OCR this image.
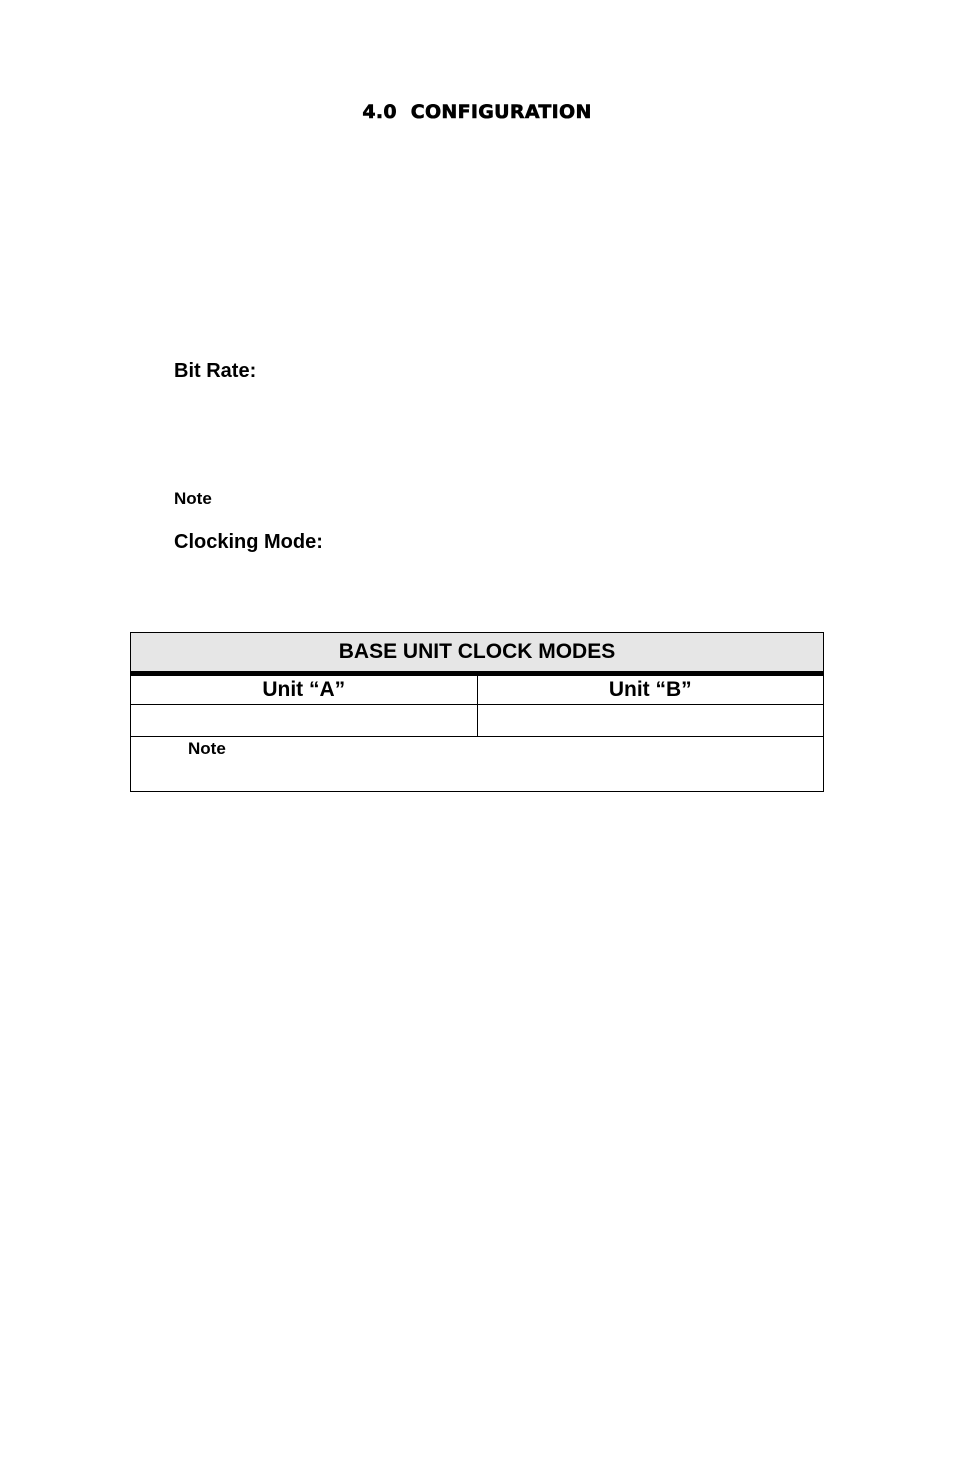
4.0  CONFIGURATION
Bit Rate:
Note
Clocking Mode:
BASE UNIT CLOCK MODES	
Unit “A”	Unit “B”

Note	
